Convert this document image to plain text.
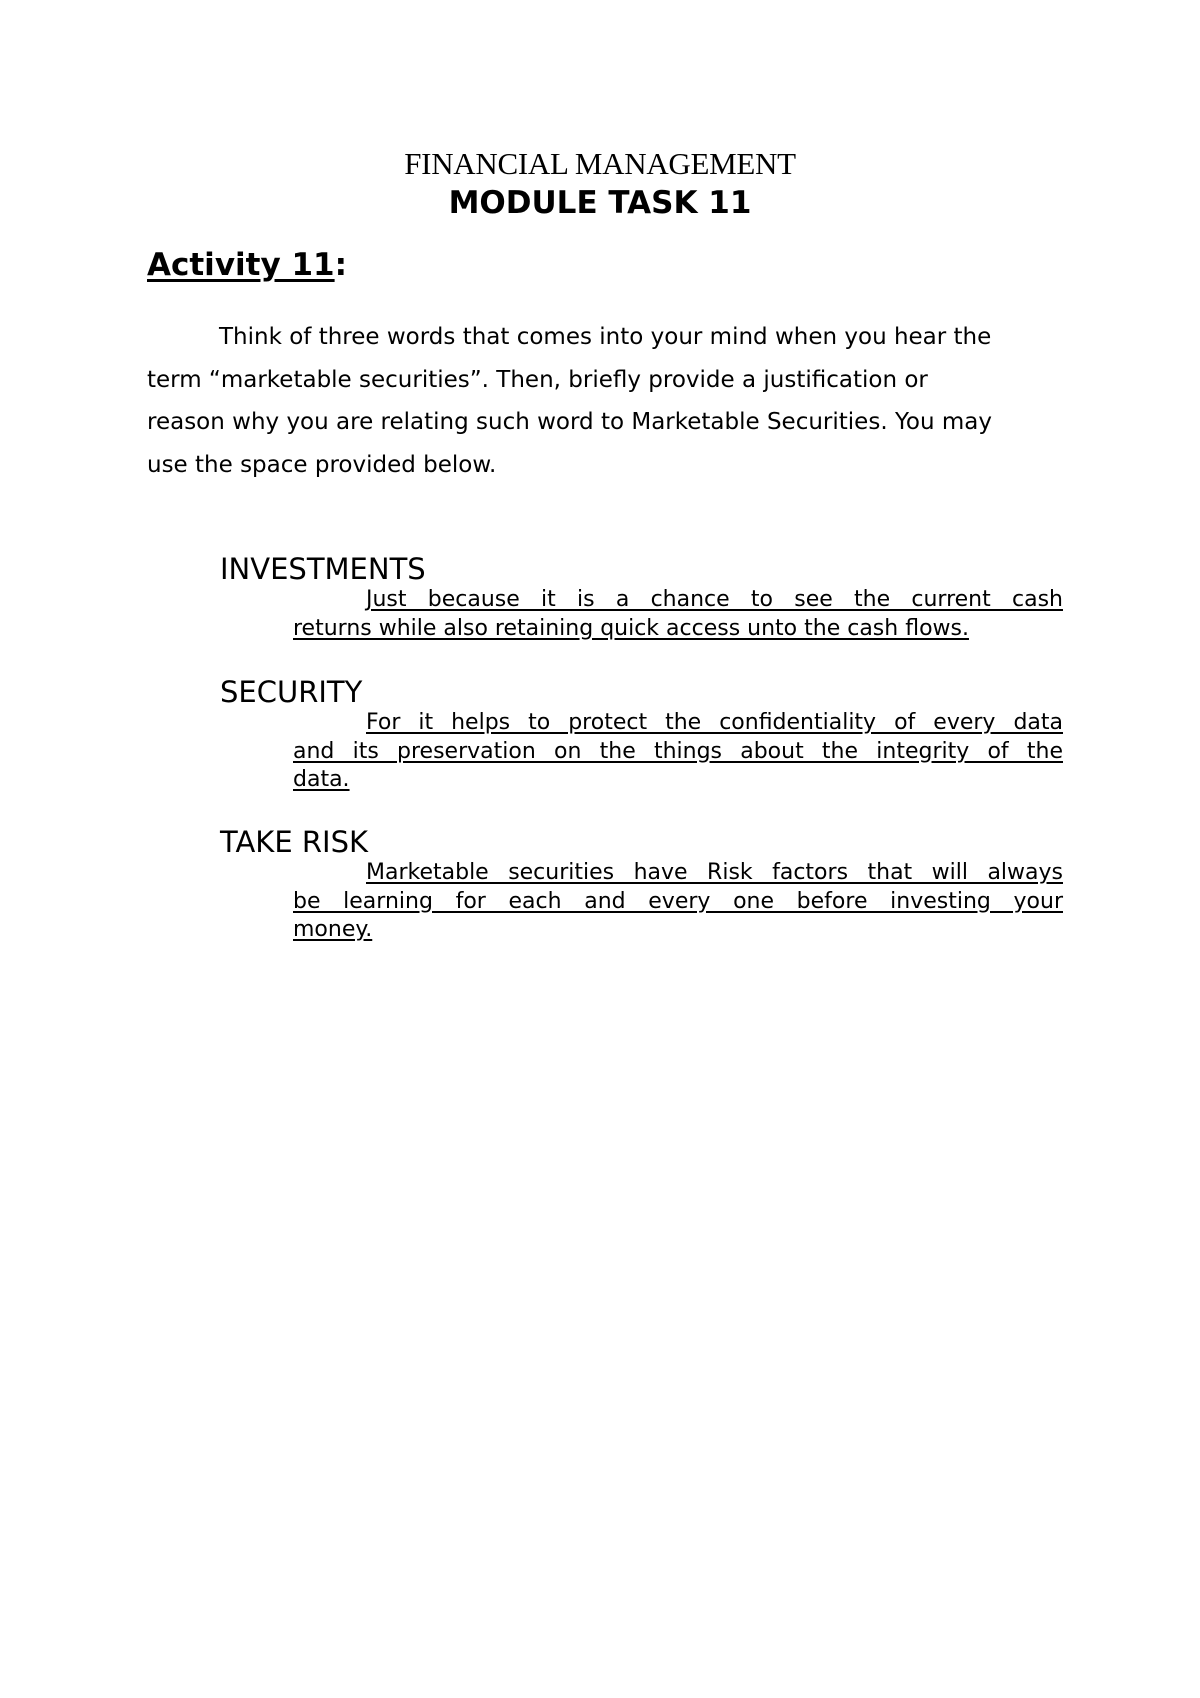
FINANCIAL MANAGEMENT
MODULE TASK 11
Activity 11:

Think of three words that comes into your mind when you hear the
term “marketable securities”. Then, briefly provide a justification or
reason why you are relating such word to Marketable Securities. You may
use the space provided below.

INVESTMENTS

Just because it is a chance to see the current cash
returns while also retaining quick access unto the cash flows.

SECURITY

For it helps to protect the confidentiality of every data
and its preservation on the things about the integrity of the
data.

TAKE RISK

Marketable securities have Risk factors that will always
be learning for each and every one before investing your
money.
